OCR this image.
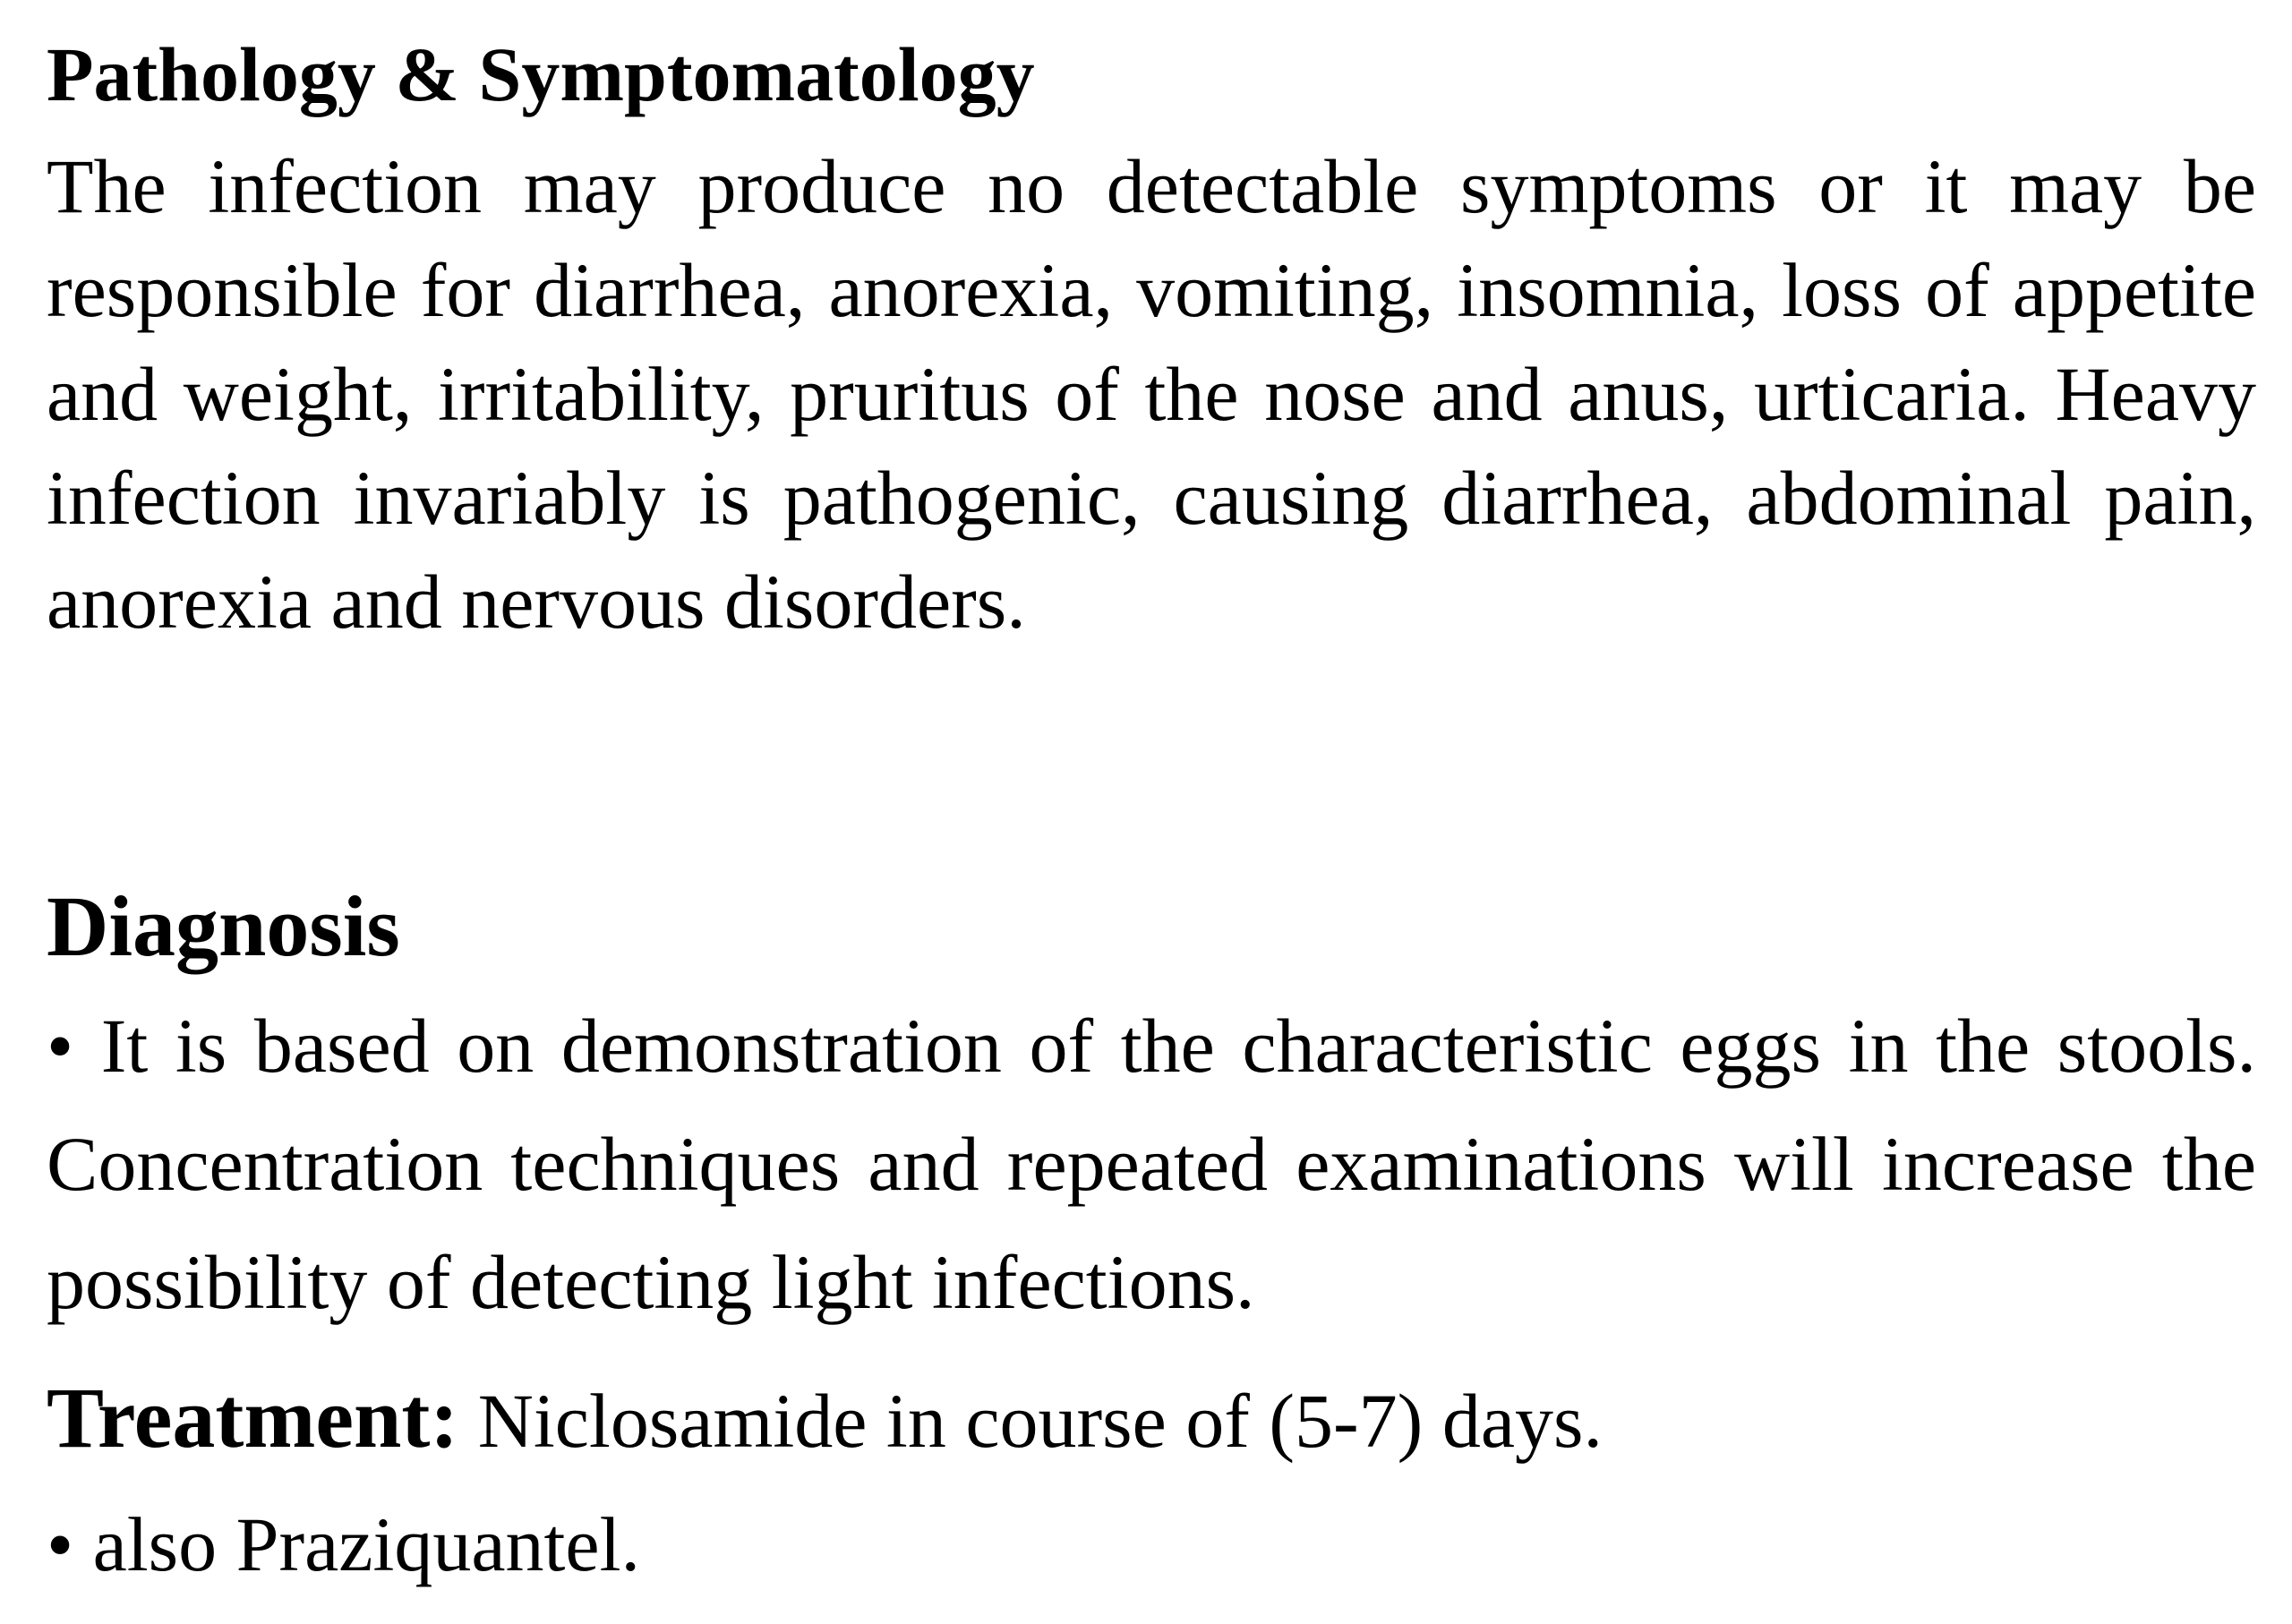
Pathology & Symptomatology
The infection may produce no detectable symptoms or it may be responsible for diarrhea, anorexia, vomiting, insomnia, loss of appetite and weight, irritability, pruritus of the nose and anus, urticaria. Heavy infection invariably is pathogenic, causing diarrhea, abdominal pain, anorexia and nervous disorders.
Diagnosis
• It is based on demonstration of the characteristic eggs in the stools. Concentration techniques and repeated examinations will increase the possibility of detecting light infections.
Treatment: Niclosamide in course of (5-7) days.
• also Praziquantel.
